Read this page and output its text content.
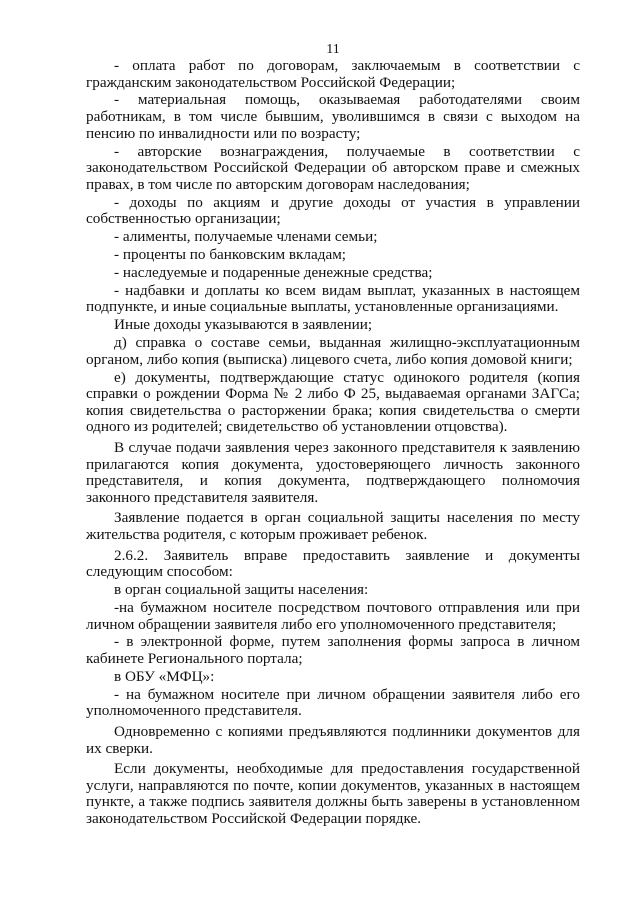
11

- оплата работ по договорам, заключаемым в соответствии с гражданским законодательством Российской Федерации;

- материальная помощь, оказываемая работодателями своим работникам, в том числе бывшим, уволившимся в связи с выходом на пенсию по инвалидности или по возрасту;

- авторские вознаграждения, получаемые в соответствии с законодательством Российской Федерации об авторском праве и смежных правах, в том числе по авторским договорам наследования;

- доходы по акциям и другие доходы от участия в управлении собственностью организации;

- алименты, получаемые членами семьи;

- проценты по банковским вкладам;

- наследуемые и подаренные денежные средства;

- надбавки и доплаты ко всем видам выплат, указанных в настоящем подпункте, и иные социальные выплаты, установленные организациями.

Иные доходы указываются в заявлении;

д) справка о составе семьи, выданная жилищно-эксплуатационным органом, либо копия (выписка) лицевого счета, либо копия домовой книги;

е) документы, подтверждающие статус одинокого родителя (копия справки о рождении Форма № 2 либо Ф 25, выдаваемая органами ЗАГСа; копия свидетельства о расторжении брака; копия свидетельства о смерти одного из родителей; свидетельство об установлении отцовства).

В случае подачи заявления через законного представителя к заявлению прилагаются копия документа, удостоверяющего личность законного представителя, и копия документа, подтверждающего полномочия законного представителя заявителя.

Заявление подается в орган социальной защиты населения по месту жительства родителя, с которым проживает ребенок.

2.6.2. Заявитель вправе предоставить заявление и документы следующим способом:

в орган социальной защиты населения:

-на бумажном носителе посредством почтового отправления или при личном обращении заявителя либо его уполномоченного представителя;

- в электронной форме, путем заполнения формы запроса в личном кабинете Регионального портала;

в ОБУ «МФЦ»:

- на бумажном носителе при личном обращении заявителя либо его уполномоченного представителя.

Одновременно с копиями предъявляются подлинники документов для их сверки.

Если документы, необходимые для предоставления государственной услуги, направляются по почте, копии документов, указанных в настоящем пункте, а также подпись заявителя должны быть заверены в установленном законодательством Российской Федерации порядке.
